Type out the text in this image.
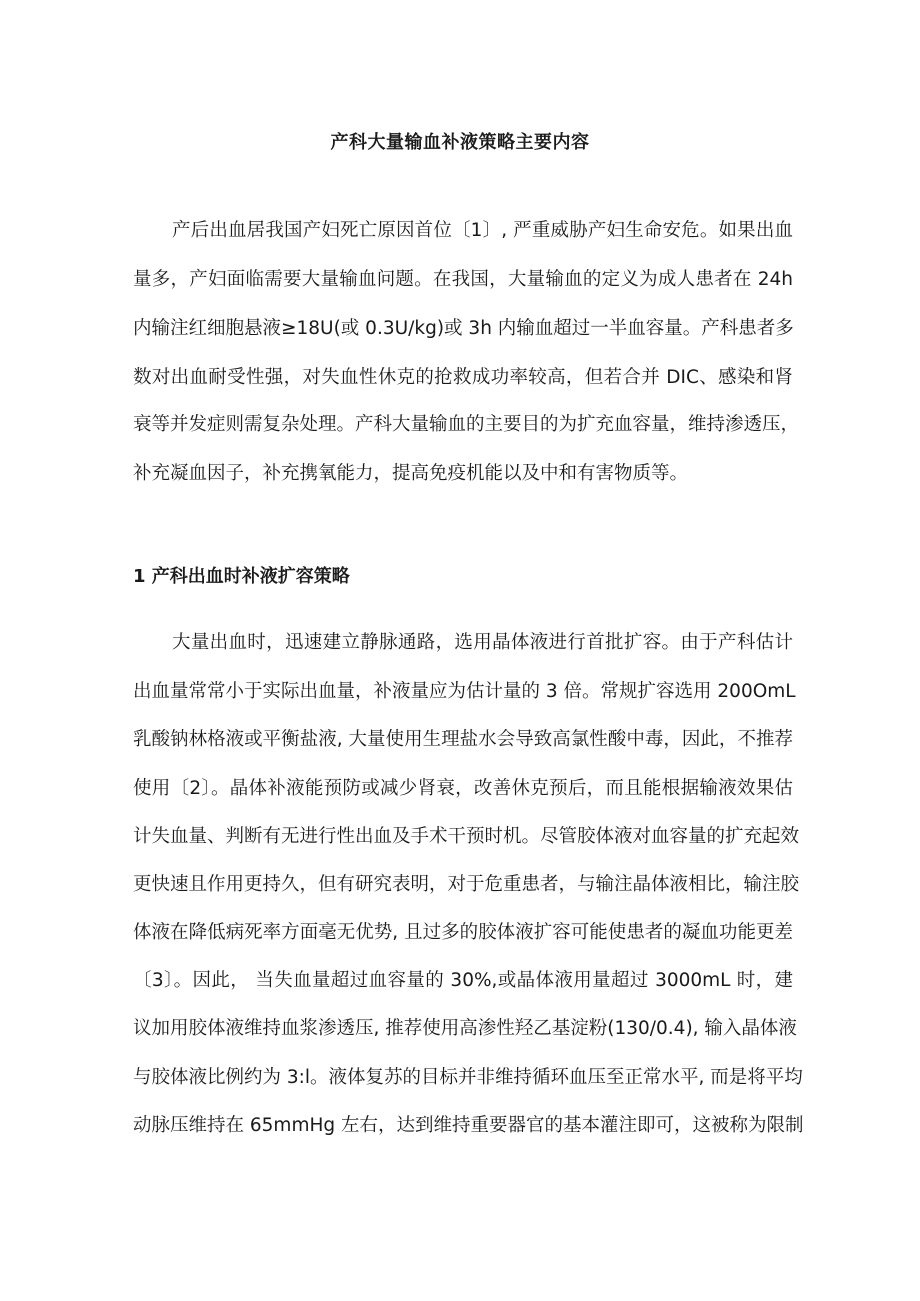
产科大量输血补液策略主要内容
产后出血居我国产妇死亡原因首位〔1〕, 严重威胁产妇生命安危。如果出血
量多，产妇面临需要大量输血问题。在我国，大量输血的定义为成人患者在 24h
内输注红细胞悬液≥18U(或 0.3U/kg)或 3h 内输血超过一半血容量。产科患者多
数对出血耐受性强，对失血性休克的抢救成功率较高，但若合并 DIC、感染和肾
衰等并发症则需复杂处理。产科大量输血的主要目的为扩充血容量，维持渗透压，
补充凝血因子，补充携氧能力，提高免疫机能以及中和有害物质等。
1 产科出血时补液扩容策略
大量出血时，迅速建立静脉通路，选用晶体液进行首批扩容。由于产科估计
出血量常常小于实际出血量，补液量应为估计量的 3 倍。常规扩容选用 200OmL
乳酸钠林格液或平衡盐液, 大量使用生理盐水会导致高氯性酸中毒，因此，不推荐
使用〔2〕。晶体补液能预防或减少肾衰，改善休克预后，而且能根据输液效果估
计失血量、判断有无进行性出血及手术干预时机。尽管胶体液对血容量的扩充起效
更快速且作用更持久，但有研究表明，对于危重患者，与输注晶体液相比，输注胶
体液在降低病死率方面毫无优势, 且过多的胶体液扩容可能使患者的凝血功能更差
〔3〕。因此， 当失血量超过血容量的 30%,或晶体液用量超过 3000mL 时，建
议加用胶体液维持血浆渗透压, 推荐使用高渗性羟乙基淀粉(130/0.4), 输入晶体液
与胶体液比例约为 3:l。液体复苏的目标并非维持循环血压至正常水平, 而是将平均
动脉压维持在 65mmHg 左右，达到维持重要器官的基本灌注即可，这被称为限制
